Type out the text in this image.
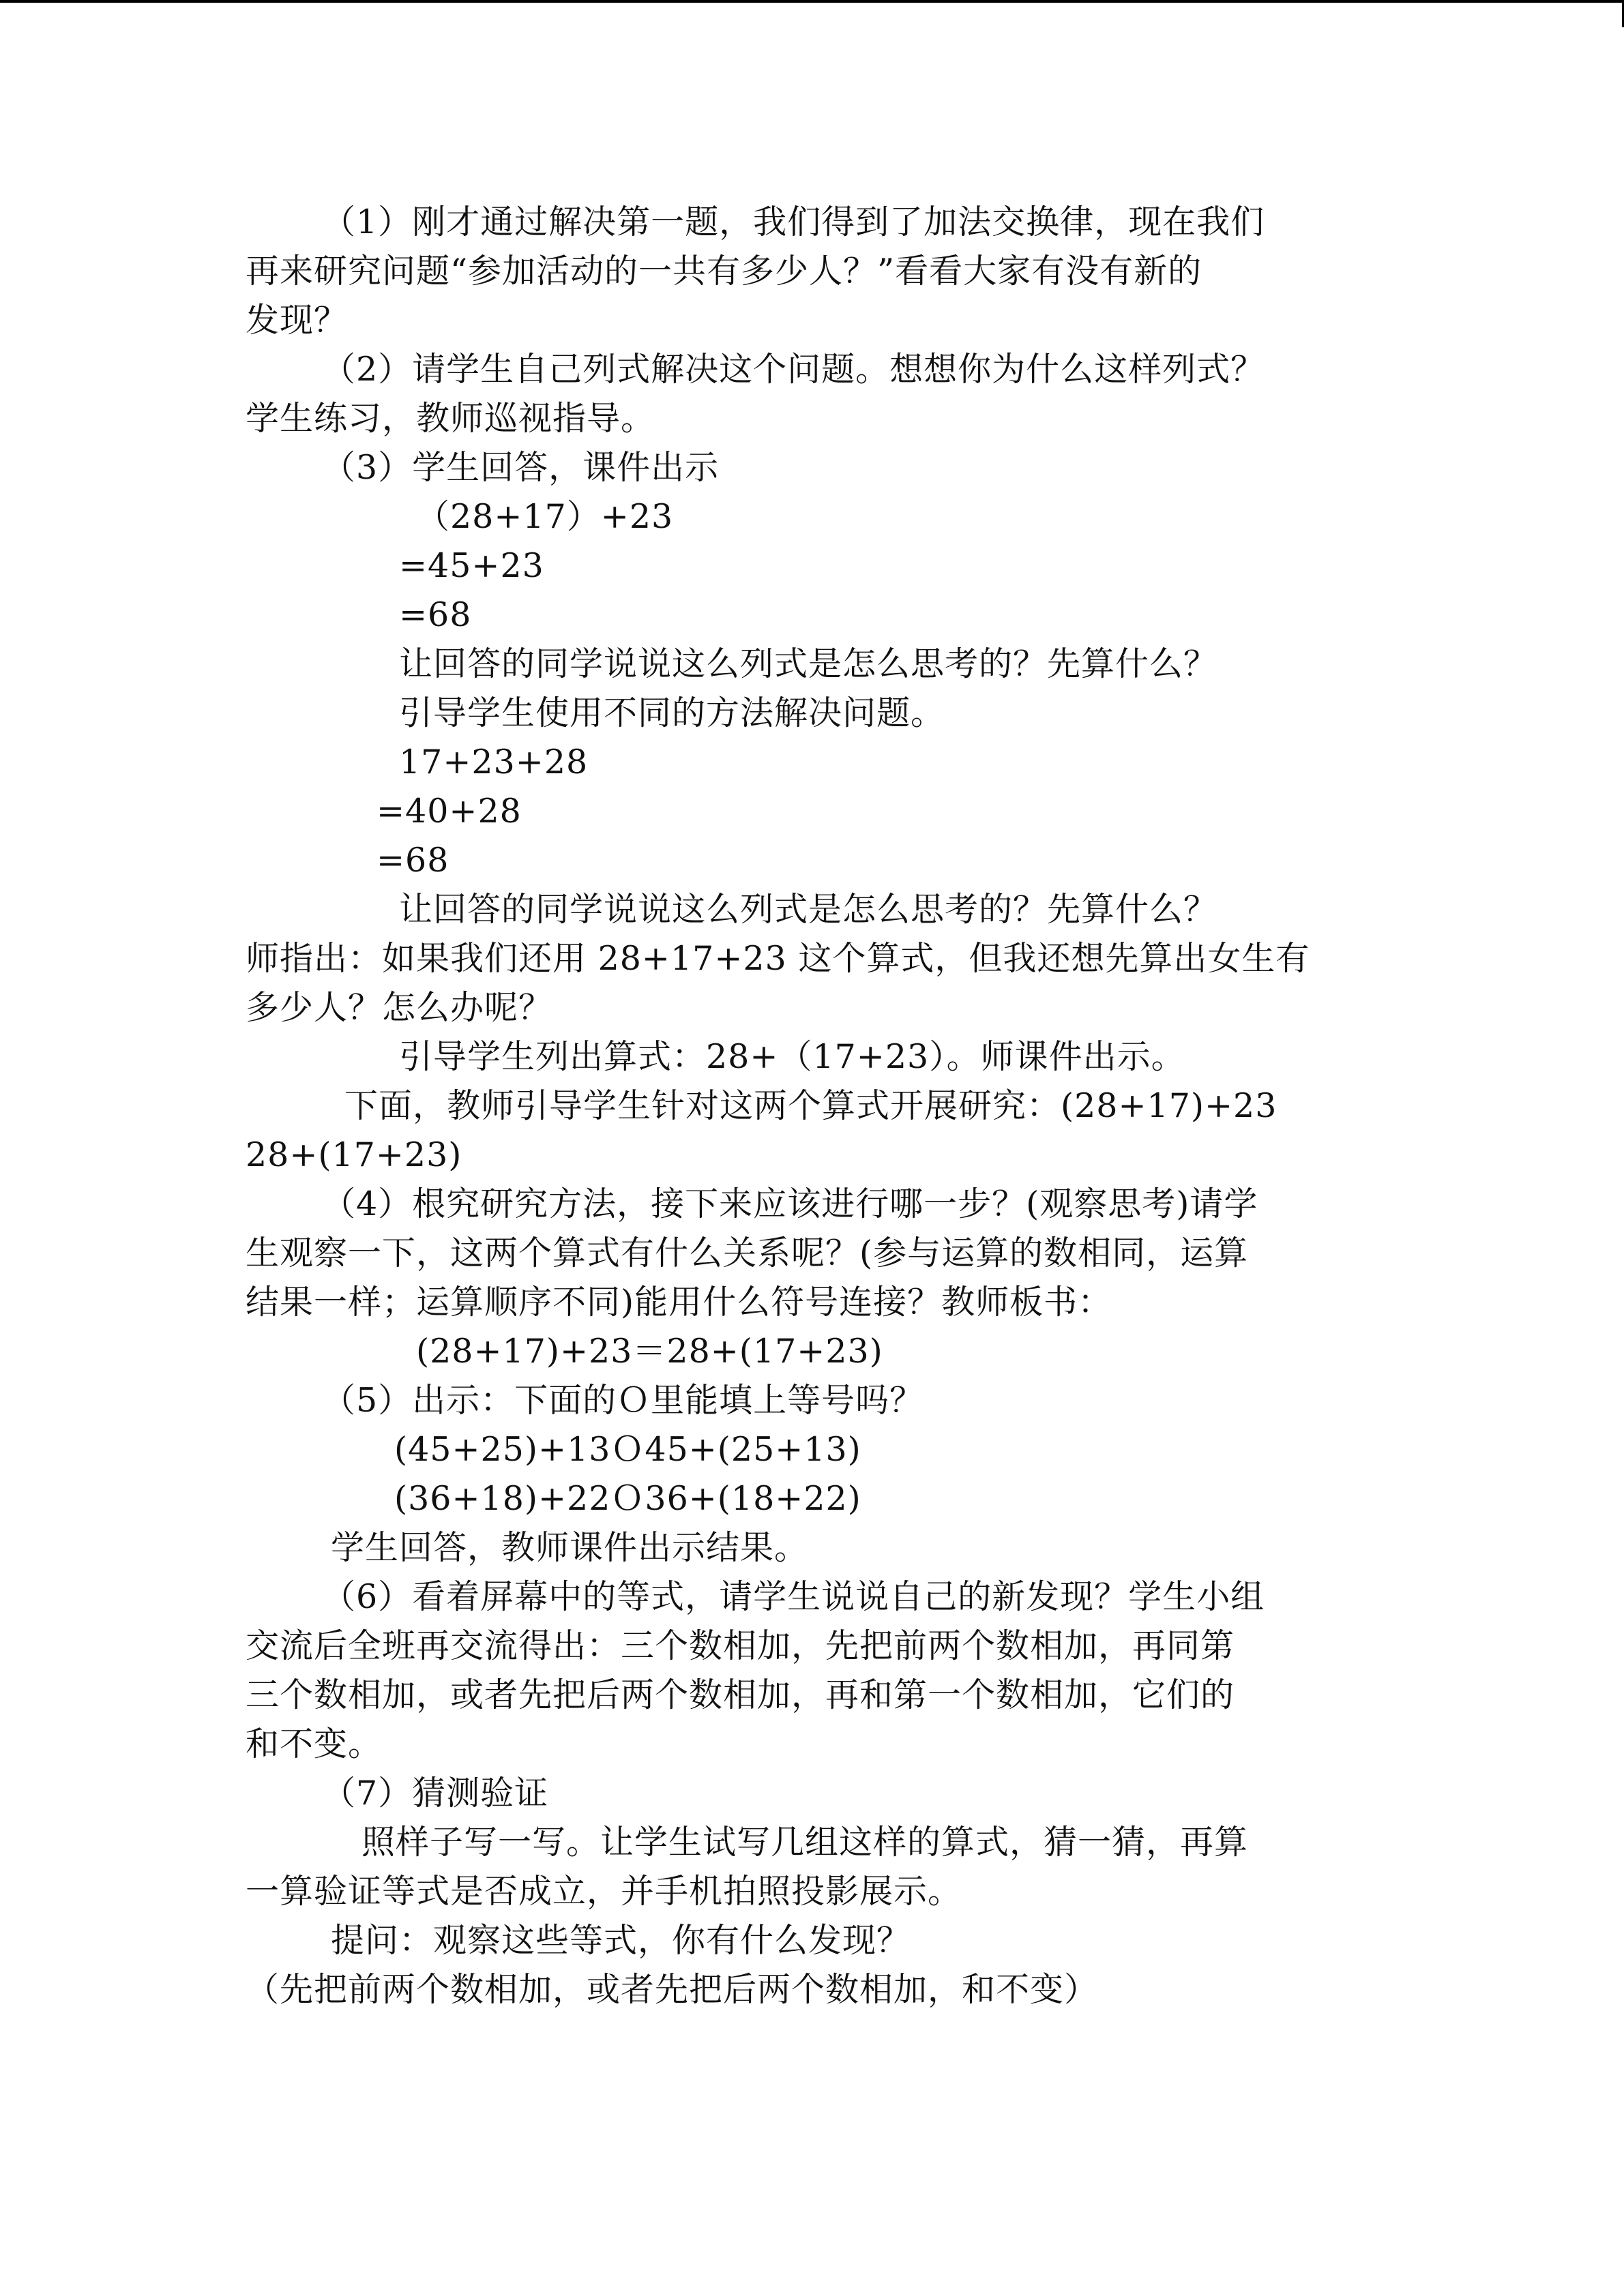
（1）刚才通过解决第一题，我们得到了加法交换律，现在我们
再来研究问题“参加活动的一共有多少人？”看看大家有没有新的
发现？
（2）请学生自己列式解决这个问题。想想你为什么这样列式？
学生练习，教师巡视指导。
（3）学生回答，课件出示
（28+17）+23
=45+23
=68
让回答的同学说说这么列式是怎么思考的？先算什么？
引导学生使用不同的方法解决问题。
17+23+28
=40+28
=68
让回答的同学说说这么列式是怎么思考的？先算什么？
师指出：如果我们还用 28+17+23 这个算式，但我还想先算出女生有
多少人？怎么办呢？
引导学生列出算式：28+（17+23）。师课件出示。
下面，教师引导学生针对这两个算式开展研究：(28+17)+23
28+(17+23)
（4）根究研究方法，接下来应该进行哪一步？(观察思考)请学
生观察一下，这两个算式有什么关系呢？(参与运算的数相同，运算
结果一样；运算顺序不同)能用什么符号连接？教师板书：
(28+17)+23＝28+(17+23)
（5）出示：下面的Ｏ里能填上等号吗？
(45+25)+13Ｏ45+(25+13)
(36+18)+22Ｏ36+(18+22)
学生回答，教师课件出示结果。
（6）看着屏幕中的等式，请学生说说自己的新发现？学生小组
交流后全班再交流得出：三个数相加，先把前两个数相加，再同第
三个数相加，或者先把后两个数相加，再和第一个数相加，它们的
和不变。
（7）猜测验证
照样子写一写。让学生试写几组这样的算式，猜一猜，再算
一算验证等式是否成立，并手机拍照投影展示。
提问：观察这些等式，你有什么发现？
（先把前两个数相加，或者先把后两个数相加，和不变）
